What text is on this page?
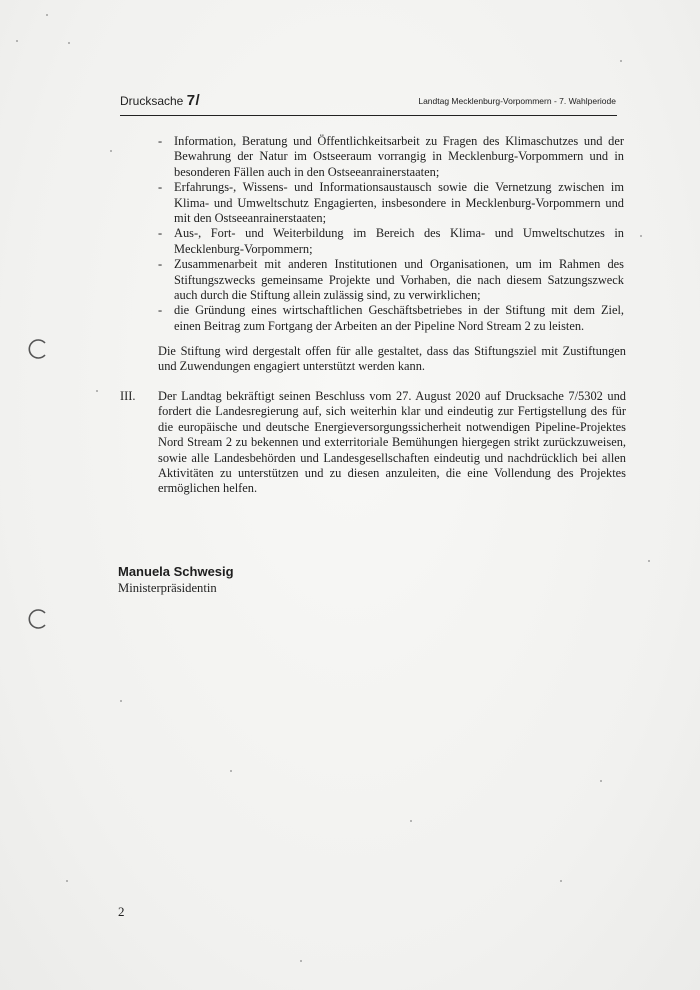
Drucksache 7/	Landtag Mecklenburg-Vorpommern - 7. Wahlperiode
- Information, Beratung und Öffentlichkeitsarbeit zu Fragen des Klimaschutzes und der Bewahrung der Natur im Ostseeraum vorrangig in Mecklenburg-Vorpommern und in besonderen Fällen auch in den Ostseeanrainerstaaten;
- Erfahrungs-, Wissens- und Informationsaustausch sowie die Vernetzung zwischen im Klima- und Umweltschutz Engagierten, insbesondere in Mecklenburg-Vorpommern und mit den Ostseeanrainerstaaten;
- Aus-, Fort- und Weiterbildung im Bereich des Klima- und Umweltschutzes in Mecklenburg-Vorpommern;
- Zusammenarbeit mit anderen Institutionen und Organisationen, um im Rahmen des Stiftungszwecks gemeinsame Projekte und Vorhaben, die nach diesem Satzungszweck auch durch die Stiftung allein zulässig sind, zu verwirklichen;
- die Gründung eines wirtschaftlichen Geschäftsbetriebes in der Stiftung mit dem Ziel, einen Beitrag zum Fortgang der Arbeiten an der Pipeline Nord Stream 2 zu leisten.

Die Stiftung wird dergestalt offen für alle gestaltet, dass das Stiftungsziel mit Zustiftungen und Zuwendungen engagiert unterstützt werden kann.

III. Der Landtag bekräftigt seinen Beschluss vom 27. August 2020 auf Drucksache 7/5302 und fordert die Landesregierung auf, sich weiterhin klar und eindeutig zur Fertigstellung des für die europäische und deutsche Energieversorgungssicherheit notwendigen Pipeline-Projektes Nord Stream 2 zu bekennen und exterritoriale Bemühungen hiergegen strikt zurückzuweisen, sowie alle Landesbehörden und Landesgesellschaften eindeutig und nachdrücklich bei allen Aktivitäten zu unterstützen und zu diesen anzuleiten, die eine Vollendung des Projektes ermöglichen helfen.

Manuela Schwesig
Ministerpräsidentin
2
